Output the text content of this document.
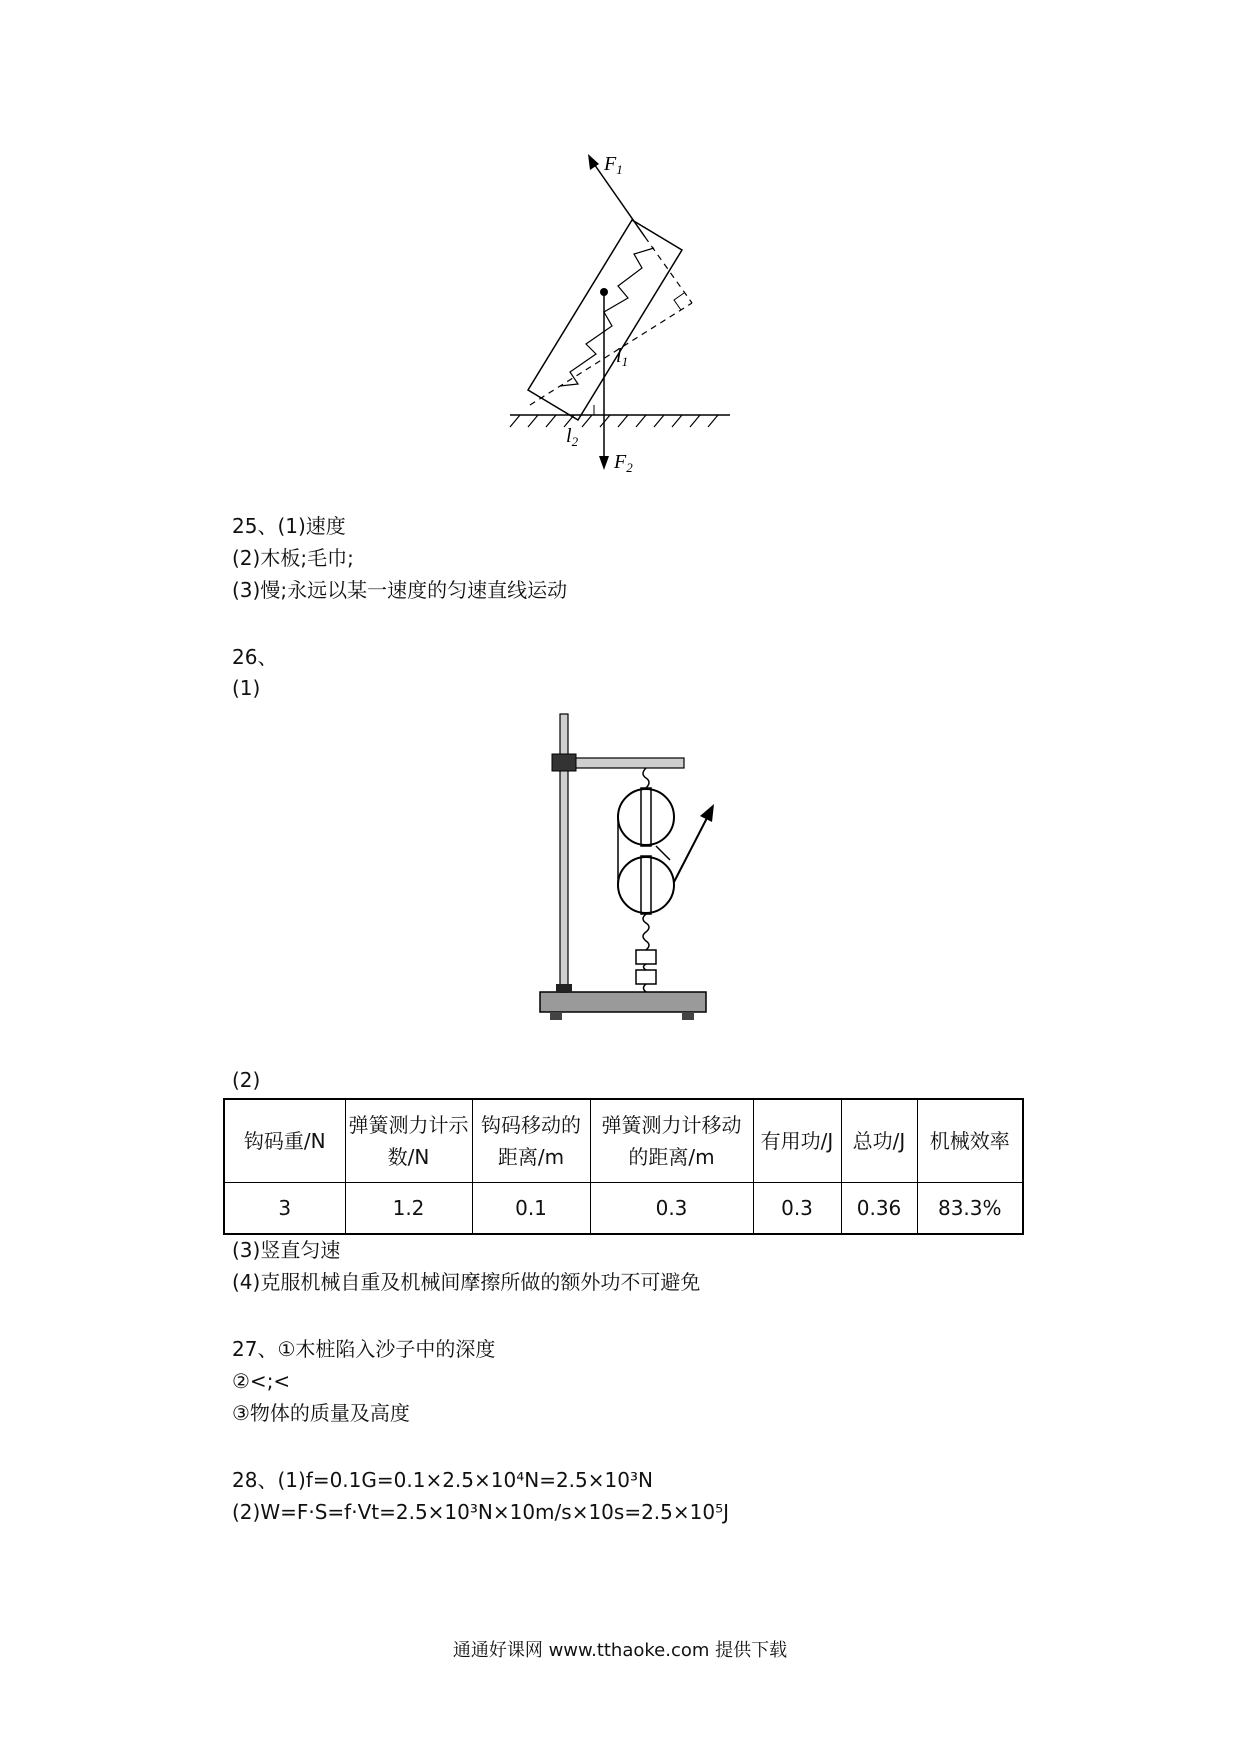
$F_1$
$l_1$
$F_2$
$l_2$
25、(1)速度
(2)木板;毛巾;
(3)慢;永远以某一速度的匀速直线运动
26、
(1)
(2)
钩码重/N	弹簧测力计示数/N	钩码移动的距离/m	弹簧测力计移动的距离/m	有用功/J	总功/J	机械效率
3	1.2	0.1	0.3	0.3	0.36	83.3%
(3)竖直匀速
(4)克服机械自重及机械间摩擦所做的额外功不可避免
27、①木桩陷入沙子中的深度
②<;<
③物体的质量及高度
28、(1)f=0.1G=0.1×2.5×10⁴N=2.5×10³N
(2)W=F·S=f·Vt=2.5×10³N×10m/s×10s=2.5×10⁵J
通通好课网 www.tthaoke.com 提供下载
